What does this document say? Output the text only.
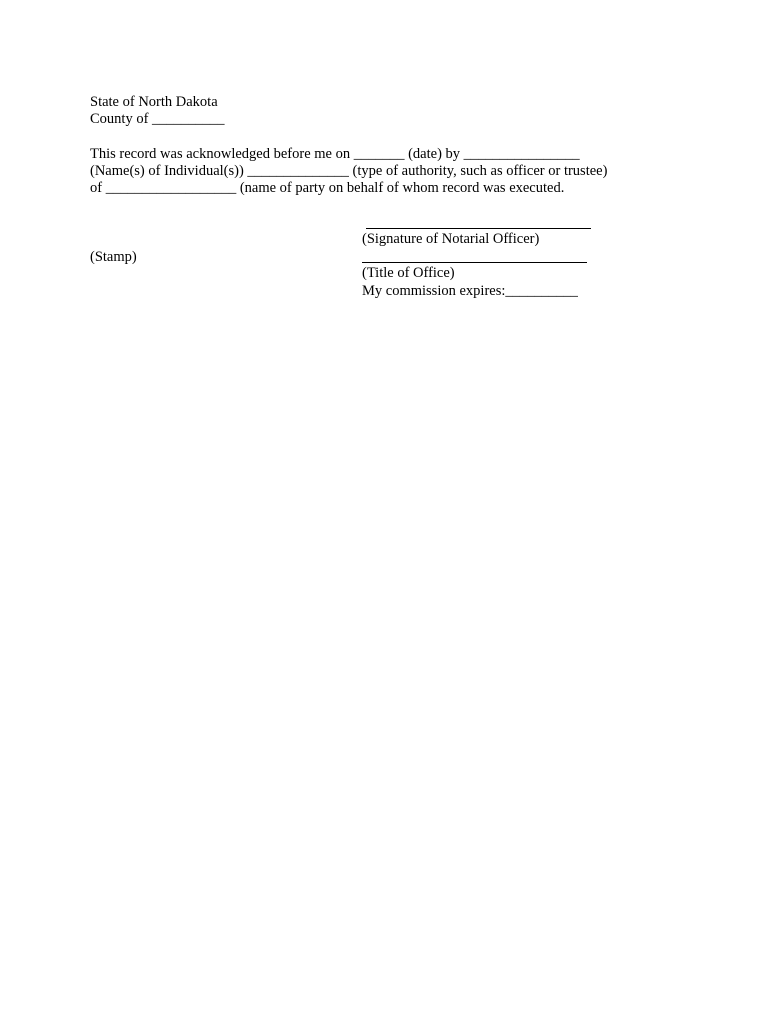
State of North Dakota
County of __________
This record was acknowledged before me on _______ (date) by ________________
(Name(s) of Individual(s)) ______________ (type of authority, such as officer or trustee)
of __________________ (name of party on behalf of whom record was executed.
(Signature of Notarial Officer)
(Stamp)
(Title of Office)
My commission expires:__________
